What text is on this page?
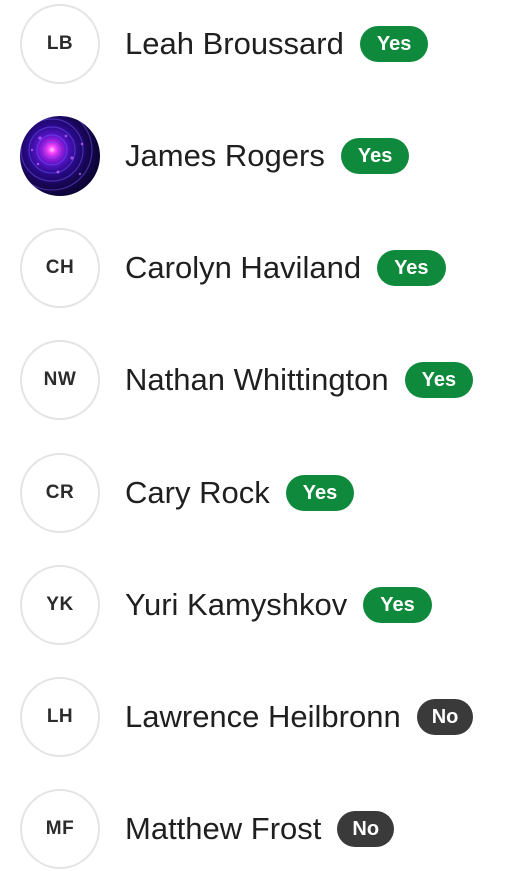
LB	Leah Broussard	Yes
James Rogers	Yes
CH	Carolyn Haviland	Yes
NW	Nathan Whittington	Yes
CR	Cary Rock	Yes
YK	Yuri Kamyshkov	Yes
LH	Lawrence Heilbronn	No
MF	Matthew Frost	No
